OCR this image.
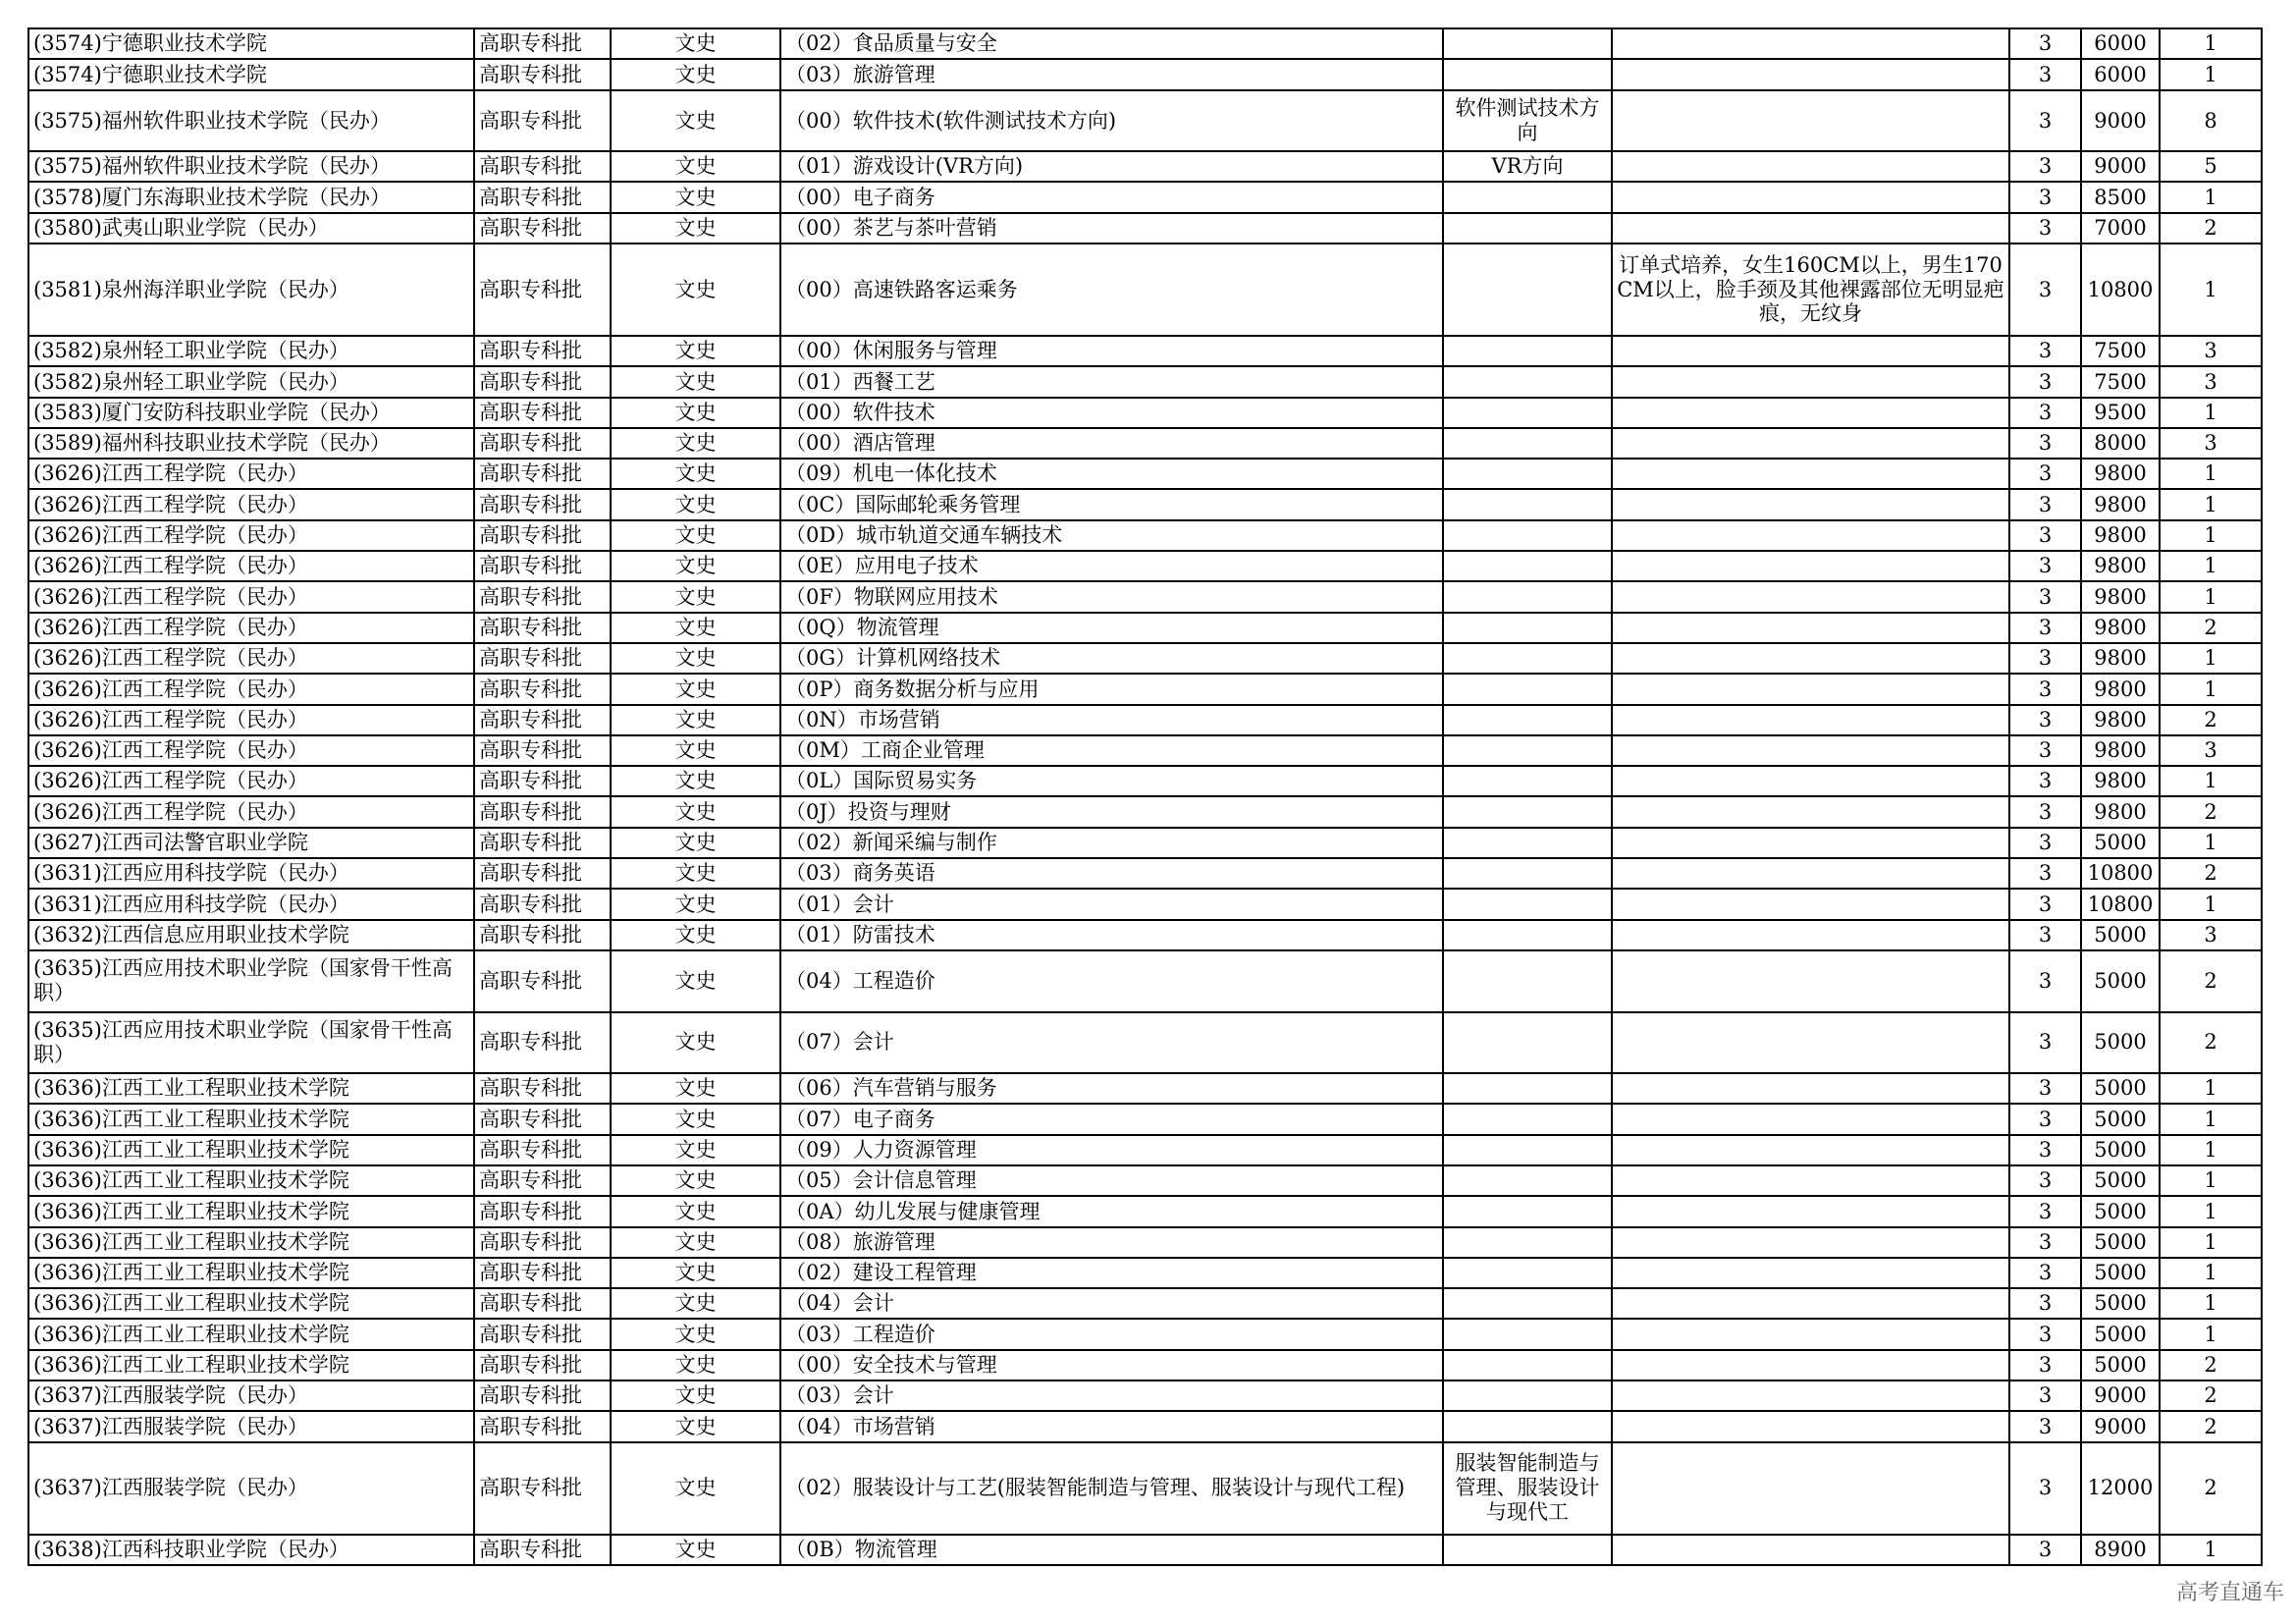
(3574)宁德职业技术学院	高职专科批	文史	（02）食品质量与安全			3	6000	1
(3574)宁德职业技术学院	高职专科批	文史	（03）旅游管理			3	6000	1
(3575)福州软件职业技术学院（民办）	高职专科批	文史	（00）软件技术(软件测试技术方向)	软件测试技术方向		3	9000	8
(3575)福州软件职业技术学院（民办）	高职专科批	文史	（01）游戏设计(VR方向)	VR方向		3	9000	5
(3578)厦门东海职业技术学院（民办）	高职专科批	文史	（00）电子商务			3	8500	1
(3580)武夷山职业学院（民办）	高职专科批	文史	（00）茶艺与茶叶营销			3	7000	2
(3581)泉州海洋职业学院（民办）	高职专科批	文史	（00）高速铁路客运乘务		订单式培养，女生160CM以上，男生170CM以上，脸手颈及其他裸露部位无明显疤痕，无纹身	3	10800	1
(3582)泉州轻工职业学院（民办）	高职专科批	文史	（00）休闲服务与管理			3	7500	3
(3582)泉州轻工职业学院（民办）	高职专科批	文史	（01）西餐工艺			3	7500	3
(3583)厦门安防科技职业学院（民办）	高职专科批	文史	（00）软件技术			3	9500	1
(3589)福州科技职业技术学院（民办）	高职专科批	文史	（00）酒店管理			3	8000	3
(3626)江西工程学院（民办）	高职专科批	文史	（09）机电一体化技术			3	9800	1
(3626)江西工程学院（民办）	高职专科批	文史	（0C）国际邮轮乘务管理			3	9800	1
(3626)江西工程学院（民办）	高职专科批	文史	（0D）城市轨道交通车辆技术			3	9800	1
(3626)江西工程学院（民办）	高职专科批	文史	（0E）应用电子技术			3	9800	1
(3626)江西工程学院（民办）	高职专科批	文史	（0F）物联网应用技术			3	9800	1
(3626)江西工程学院（民办）	高职专科批	文史	（0Q）物流管理			3	9800	2
(3626)江西工程学院（民办）	高职专科批	文史	（0G）计算机网络技术			3	9800	1
(3626)江西工程学院（民办）	高职专科批	文史	（0P）商务数据分析与应用			3	9800	1
(3626)江西工程学院（民办）	高职专科批	文史	（0N）市场营销			3	9800	2
(3626)江西工程学院（民办）	高职专科批	文史	（0M）工商企业管理			3	9800	3
(3626)江西工程学院（民办）	高职专科批	文史	（0L）国际贸易实务			3	9800	1
(3626)江西工程学院（民办）	高职专科批	文史	（0J）投资与理财			3	9800	2
(3627)江西司法警官职业学院	高职专科批	文史	（02）新闻采编与制作			3	5000	1
(3631)江西应用科技学院（民办）	高职专科批	文史	（03）商务英语			3	10800	2
(3631)江西应用科技学院（民办）	高职专科批	文史	（01）会计			3	10800	1
(3632)江西信息应用职业技术学院	高职专科批	文史	（01）防雷技术			3	5000	3
(3635)江西应用技术职业学院（国家骨干性高职）	高职专科批	文史	（04）工程造价			3	5000	2
(3635)江西应用技术职业学院（国家骨干性高职）	高职专科批	文史	（07）会计			3	5000	2
(3636)江西工业工程职业技术学院	高职专科批	文史	（06）汽车营销与服务			3	5000	1
(3636)江西工业工程职业技术学院	高职专科批	文史	（07）电子商务			3	5000	1
(3636)江西工业工程职业技术学院	高职专科批	文史	（09）人力资源管理			3	5000	1
(3636)江西工业工程职业技术学院	高职专科批	文史	（05）会计信息管理			3	5000	1
(3636)江西工业工程职业技术学院	高职专科批	文史	（0A）幼儿发展与健康管理			3	5000	1
(3636)江西工业工程职业技术学院	高职专科批	文史	（08）旅游管理			3	5000	1
(3636)江西工业工程职业技术学院	高职专科批	文史	（02）建设工程管理			3	5000	1
(3636)江西工业工程职业技术学院	高职专科批	文史	（04）会计			3	5000	1
(3636)江西工业工程职业技术学院	高职专科批	文史	（03）工程造价			3	5000	1
(3636)江西工业工程职业技术学院	高职专科批	文史	（00）安全技术与管理			3	5000	2
(3637)江西服装学院（民办）	高职专科批	文史	（03）会计			3	9000	2
(3637)江西服装学院（民办）	高职专科批	文史	（04）市场营销			3	9000	2
(3637)江西服装学院（民办）	高职专科批	文史	（02）服装设计与工艺(服装智能制造与管理、服装设计与现代工程)	服装智能制造与管理、服装设计与现代工		3	12000	2
(3638)江西科技职业学院（民办）	高职专科批	文史	（0B）物流管理			3	8900	1
高考直通车
